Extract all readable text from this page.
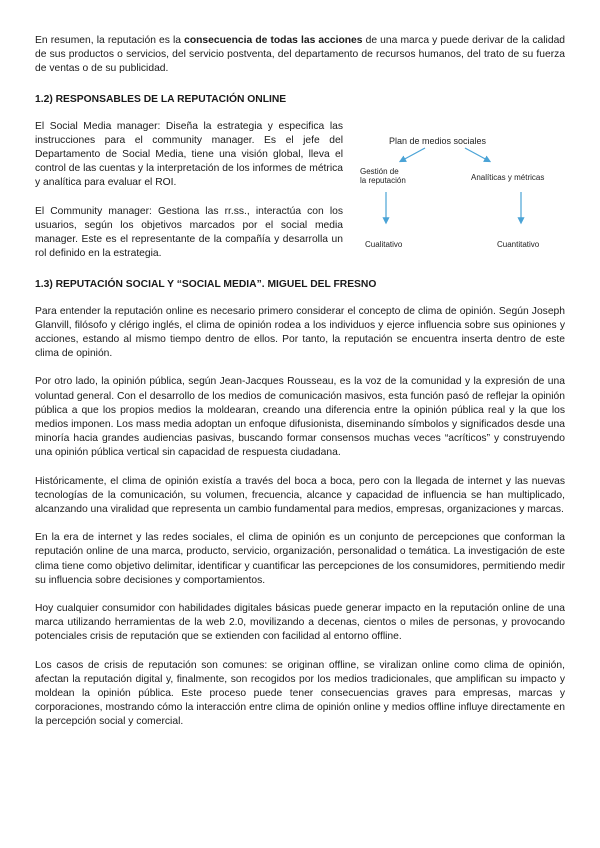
En resumen, la reputación es la consecuencia de todas las acciones de una marca y puede derivar de la calidad de sus productos o servicios, del servicio postventa, del departamento de recursos humanos, del trato de su fuerza de ventas o de su publicidad.

1.2) RESPONSABLES DE LA REPUTACIÓN ONLINE

El Social Media manager: Diseña la estrategia y especifica las instrucciones para el community manager. Es el jefe del Departamento de Social Media, tiene una visión global, lleva el control de las cuentas y la interpretación de los informes de métrica y analítica para evaluar el ROI.

El Community manager: Gestiona las rr.ss., interactúa con los usuarios, según los objetivos marcados por el social media manager. Este es el representante de la compañía y desarrolla un rol definido en la estrategia.

Plan de medios sociales
Gestión de
la reputación	Analíticas y métricas
Cualitativo	Cuantitativo
1.3) REPUTACIÓN SOCIAL Y “SOCIAL MEDIA”. MIGUEL DEL FRESNO

Para entender la reputación online es necesario primero considerar el concepto de clima de opinión. Según Joseph Glanvill, filósofo y clérigo inglés, el clima de opinión rodea a los individuos y ejerce influencia sobre sus opiniones y acciones, estando al mismo tiempo dentro de ellos. Por tanto, la reputación se encuentra inserta dentro de este clima de opinión.

Por otro lado, la opinión pública, según Jean-Jacques Rousseau, es la voz de la comunidad y la expresión de una voluntad general. Con el desarrollo de los medios de comunicación masivos, esta función pasó de reflejar la opinión pública a que los propios medios la moldearan, creando una diferencia entre la opinión pública real y la que los medios imponen. Los mass media adoptan un enfoque difusionista, diseminando símbolos y significados desde una minoría hacia grandes audiencias pasivas, buscando formar consensos muchas veces “acríticos” y construyendo una opinión pública vertical sin capacidad de respuesta ciudadana.

Históricamente, el clima de opinión existía a través del boca a boca, pero con la llegada de internet y las nuevas tecnologías de la comunicación, su volumen, frecuencia, alcance y capacidad de influencia se han multiplicado, alcanzando una viralidad que representa un cambio fundamental para medios, empresas, organizaciones y marcas.

En la era de internet y las redes sociales, el clima de opinión es un conjunto de percepciones que conforman la reputación online de una marca, producto, servicio, organización, personalidad o temática. La investigación de este clima tiene como objetivo delimitar, identificar y cuantificar las percepciones de los consumidores, permitiendo medir su influencia sobre decisiones y comportamientos.

Hoy cualquier consumidor con habilidades digitales básicas puede generar impacto en la reputación online de una marca utilizando herramientas de la web 2.0, movilizando a decenas, cientos o miles de personas, y provocando potenciales crisis de reputación que se extienden con facilidad al entorno offline.

Los casos de crisis de reputación son comunes: se originan offline, se viralizan online como clima de opinión, afectan la reputación digital y, finalmente, son recogidos por los medios tradicionales, que amplifican su impacto y moldean la opinión pública. Este proceso puede tener consecuencias graves para empresas, marcas y corporaciones, mostrando cómo la interacción entre clima de opinión online y medios offline influye directamente en la percepción social y comercial.
